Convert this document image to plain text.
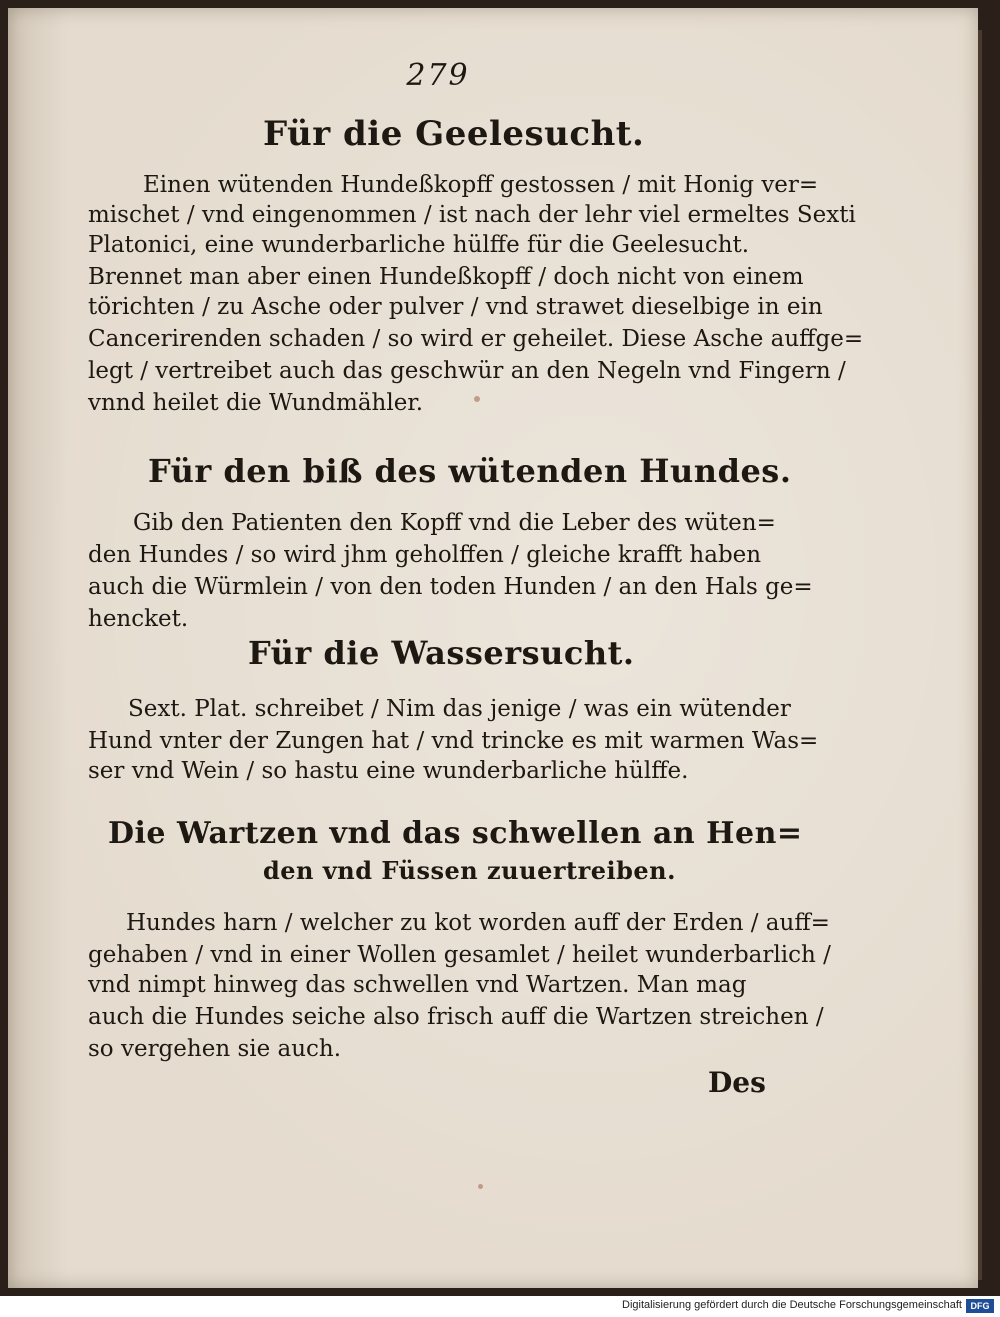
279
Für die Geelesucht.
Einen wütenden Hundeßkopff gestossen / mit Honig ver=
mischet / vnd eingenommen / ist nach der lehr viel ermeltes Sexti
Platonici, eine wunderbarliche hülffe für die Geelesucht.
Brennet man aber einen Hundeßkopff / doch nicht von einem
törichten / zu Asche oder pulver / vnd strawet dieselbige in ein
Cancerirenden schaden / so wird er geheilet. Diese Asche auffge=
legt / vertreibet auch das geschwür an den Negeln vnd Fingern /
vnnd heilet die Wundmähler.
Für den biß des wütenden Hundes.
Gib den Patienten den Kopff vnd die Leber des wüten=
den Hundes / so wird jhm geholffen / gleiche krafft haben
auch die Würmlein / von den toden Hunden / an den Hals ge=
hencket.
Für die Wassersucht.
Sext. Plat. schreibet / Nim das jenige / was ein wütender
Hund vnter der Zungen hat / vnd trincke es mit warmen Was=
ser vnd Wein / so hastu eine wunderbarliche hülffe.
Die Wartzen vnd das schwellen an Hen=
den vnd Füssen zuuertreiben.
Hundes harn / welcher zu kot worden auff der Erden / auff=
gehaben / vnd in einer Wollen gesamlet / heilet wunderbarlich /
vnd nimpt hinweg das schwellen vnd Wartzen. Man mag
auch die Hundes seiche also frisch auff die Wartzen streichen /
so vergehen sie auch.
Des
Digitalisierung gefördert durch die Deutsche Forschungsgemeinschaft DFG
